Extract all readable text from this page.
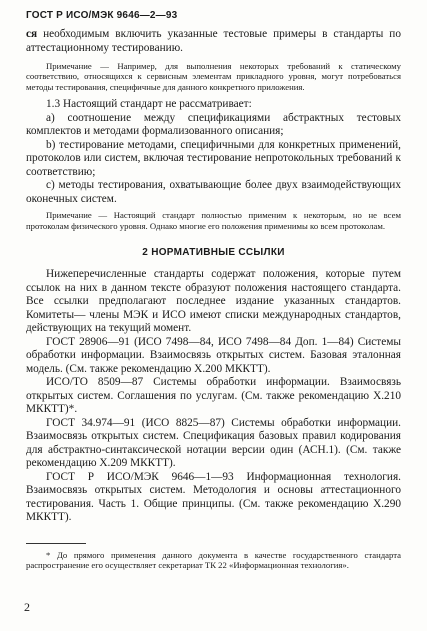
ГОСТ Р ИСО/МЭК 9646—2—93

ся необходимым включить указанные тестовые примеры в стандарты по аттестационному тестированию.

Примечание — Например, для выполнения некоторых требований к статическому соответствию, относящихся к сервисным элементам прикладного уровня, могут потребоваться методы тестирования, специфичные для данного конкретного приложения.

1.3 Настоящий стандарт не рассматривает:

а) соотношение между спецификациями абстрактных тестовых комплектов и методами формализованного описания;

b) тестирование методами, специфичными для конкретных применений, протоколов или систем, включая тестирование непротокольных требований к соответствию;

с) методы тестирования, охватывающие более двух взаимодействующих оконечных систем.

Примечание — Настоящий стандарт полностью применим к некоторым, но не всем протоколам физического уровня. Однако многие его положения применимы ко всем протоколам.

2 НОРМАТИВНЫЕ ССЫЛКИ

Нижеперечисленные стандарты содержат положения, которые путем ссылок на них в данном тексте образуют положения настоящего стандарта. Все ссылки предполагают последнее издание указанных стандартов. Комитеты— члены МЭК и ИСО имеют списки международных стандартов, действующих на текущий момент.

ГОСТ 28906—91 (ИСО 7498—84, ИСО 7498—84 Доп. 1—84) Системы обработки информации. Взаимосвязь открытых систем. Базовая эталонная модель. (См. также рекомендацию X.200 МККТТ).

ИСО/ТО 8509—87 Системы обработки информации. Взаимосвязь открытых систем. Соглашения по услугам. (См. также рекомендацию X.210 МККТТ)*.

ГОСТ 34.974—91 (ИСО 8825—87) Системы обработки информации. Взаимосвязь открытых систем. Спецификация базовых правил кодирования для абстрактно-синтаксической нотации версии один (АСН.1). (См. также рекомендацию X.209 МККТТ).

ГОСТ Р ИСО/МЭК 9646—1—93 Информационная технология. Взаимосвязь открытых систем. Методология и основы аттестационного тестирования. Часть 1. Общие принципы. (См. также рекомендацию X.290 МККТТ).

* До прямого применения данного документа в качестве государственного стандарта распространение его осуществляет секретариат ТК 22 «Информационная технология».

2
